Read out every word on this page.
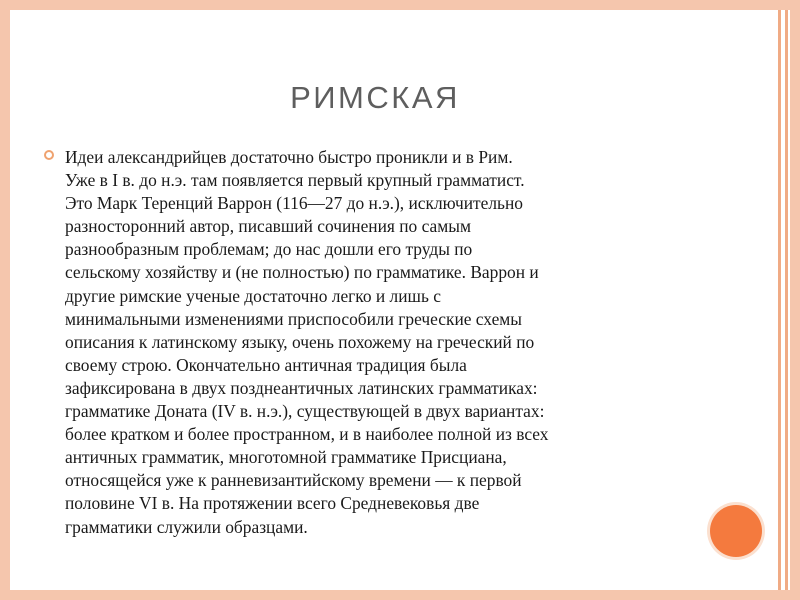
РИМСКАЯ
Идеи александрийцев достаточно быстро проникли и в Рим.
Уже в I в. до н.э. там появляется первый крупный грамматист.
Это Марк Теренций Варрон (116—27 до н.э.), исключительно
разносторонний автор, писавший сочинения по самым
разнообразным проблемам; до нас дошли его труды по
сельскому хозяйству и (не полностью) по грамматике. Варрон и
другие римские ученые достаточно легко и лишь с
минимальными изменениями приспособили греческие схемы
описания к латинскому языку, очень похожему на греческий по
своему строю. Окончательно античная традиция была
зафиксирована в двух позднеантичных латинских грамматиках:
грамматике Доната (IV в. н.э.), существующей в двух вариантах:
более кратком и более пространном, и в наиболее полной из всех
античных грамматик, многотомной грамматике Присциана,
относящейся уже к ранневизантийскому времени — к первой
половине VI в. На протяжении всего Средневековья две
грамматики служили образцами.
